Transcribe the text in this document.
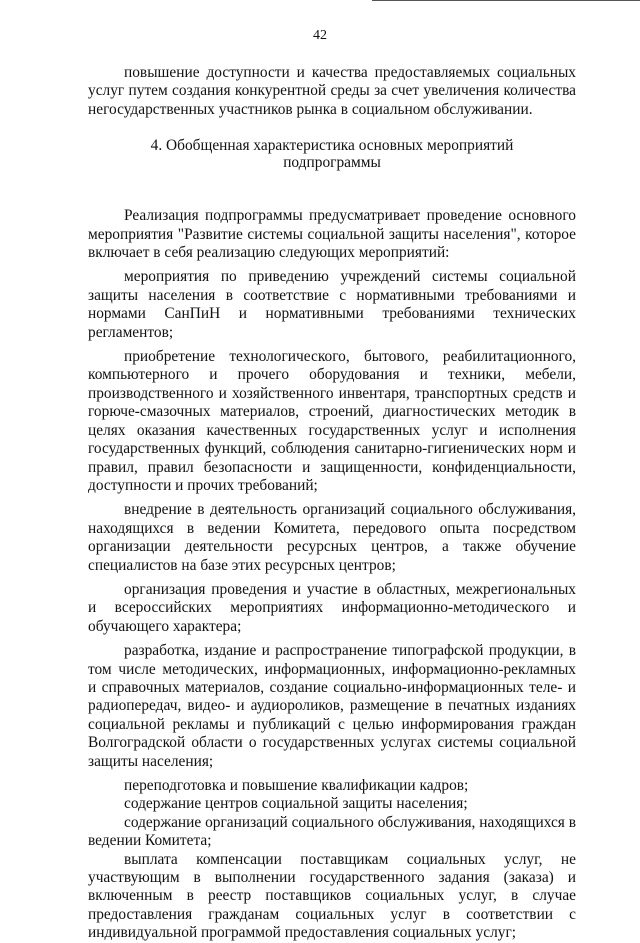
42

повышение доступности и качества предоставляемых социальных услуг путем создания конкурентной среды за счет увеличения количества негосударственных участников рынка в социальном обслуживании.

4. Обобщенная характеристика основных мероприятий
подпрограммы

Реализация подпрограммы предусматривает проведение основного мероприятия "Развитие системы социальной защиты населения", которое включает в себя реализацию следующих мероприятий:

мероприятия по приведению учреждений системы социальной защиты населения в соответствие с нормативными требованиями и нормами СанПиН и нормативными требованиями технических регламентов;

приобретение технологического, бытового, реабилитационного, компьютерного и прочего оборудования и техники, мебели, производственного и хозяйственного инвентаря, транспортных средств и горюче-смазочных материалов, строений, диагностических методик в целях оказания качественных государственных услуг и исполнения государственных функций, соблюдения санитарно-гигиенических норм и правил, правил безопасности и защищенности, конфиденциальности, доступности и прочих требований;

внедрение в деятельность организаций социального обслуживания, находящихся в ведении Комитета, передового опыта посредством организации деятельности ресурсных центров, а также обучение специалистов на базе этих ресурсных центров;

организация проведения и участие в областных, межрегиональных и всероссийских мероприятиях информационно-методического и обучающего характера;

разработка, издание и распространение типографской продукции, в том числе методических, информационных, информационно-рекламных и справочных материалов, создание социально-информационных теле- и радиопередач, видео- и аудиороликов, размещение в печатных изданиях социальной рекламы и публикаций с целью информирования граждан Волгоградской области о государственных услугах системы социальной защиты населения;

переподготовка и повышение квалификации кадров;

содержание центров социальной защиты населения;

содержание организаций социального обслуживания, находящихся в ведении Комитета;

выплата компенсации поставщикам социальных услуг, не участвующим в выполнении государственного задания (заказа) и включенным в реестр поставщиков социальных услуг, в случае предоставления гражданам социальных услуг в соответствии с индивидуальной программой предоставления социальных услуг;
